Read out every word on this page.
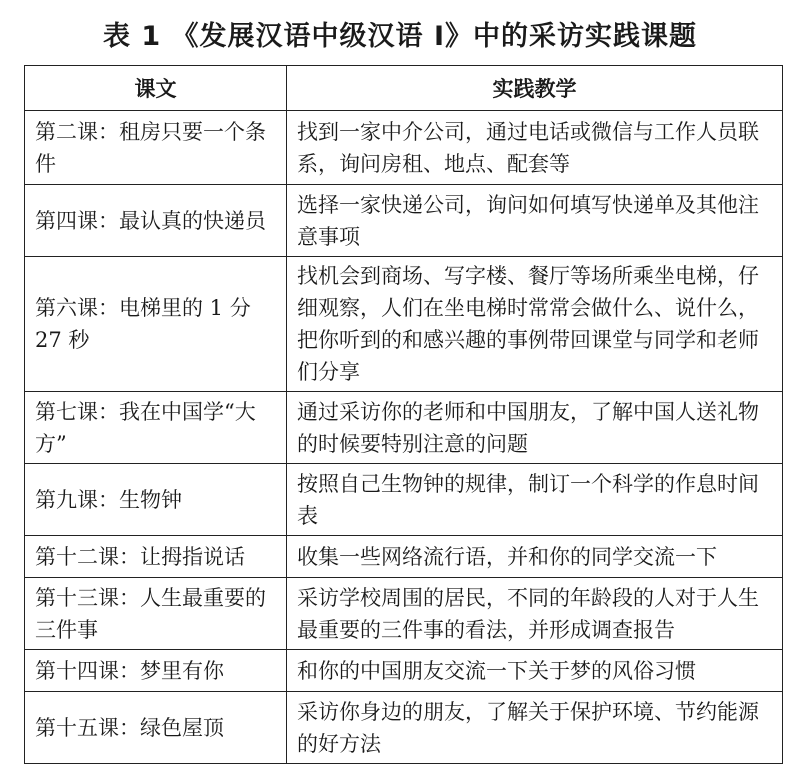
表 1 《发展汉语中级汉语 I》中的采访实践课题
课文	实践教学
第二课：租房只要一个条件	找到一家中介公司，通过电话或微信与工作人员联系，询问房租、地点、配套等
第四课：最认真的快递员	选择一家快递公司，询问如何填写快递单及其他注意事项
第六课：电梯里的 1 分 27 秒	找机会到商场、写字楼、餐厅等场所乘坐电梯，仔细观察，人们在坐电梯时常常会做什么、说什么，把你听到的和感兴趣的事例带回课堂与同学和老师们分享
第七课：我在中国学“大方”	通过采访你的老师和中国朋友，了解中国人送礼物的时候要特别注意的问题
第九课：生物钟	按照自己生物钟的规律，制订一个科学的作息时间表
第十二课：让拇指说话	收集一些网络流行语，并和你的同学交流一下
第十三课：人生最重要的三件事	采访学校周围的居民，不同的年龄段的人对于人生最重要的三件事的看法，并形成调查报告
第十四课：梦里有你	和你的中国朋友交流一下关于梦的风俗习惯
第十五课：绿色屋顶	采访你身边的朋友，了解关于保护环境、节约能源的好方法
